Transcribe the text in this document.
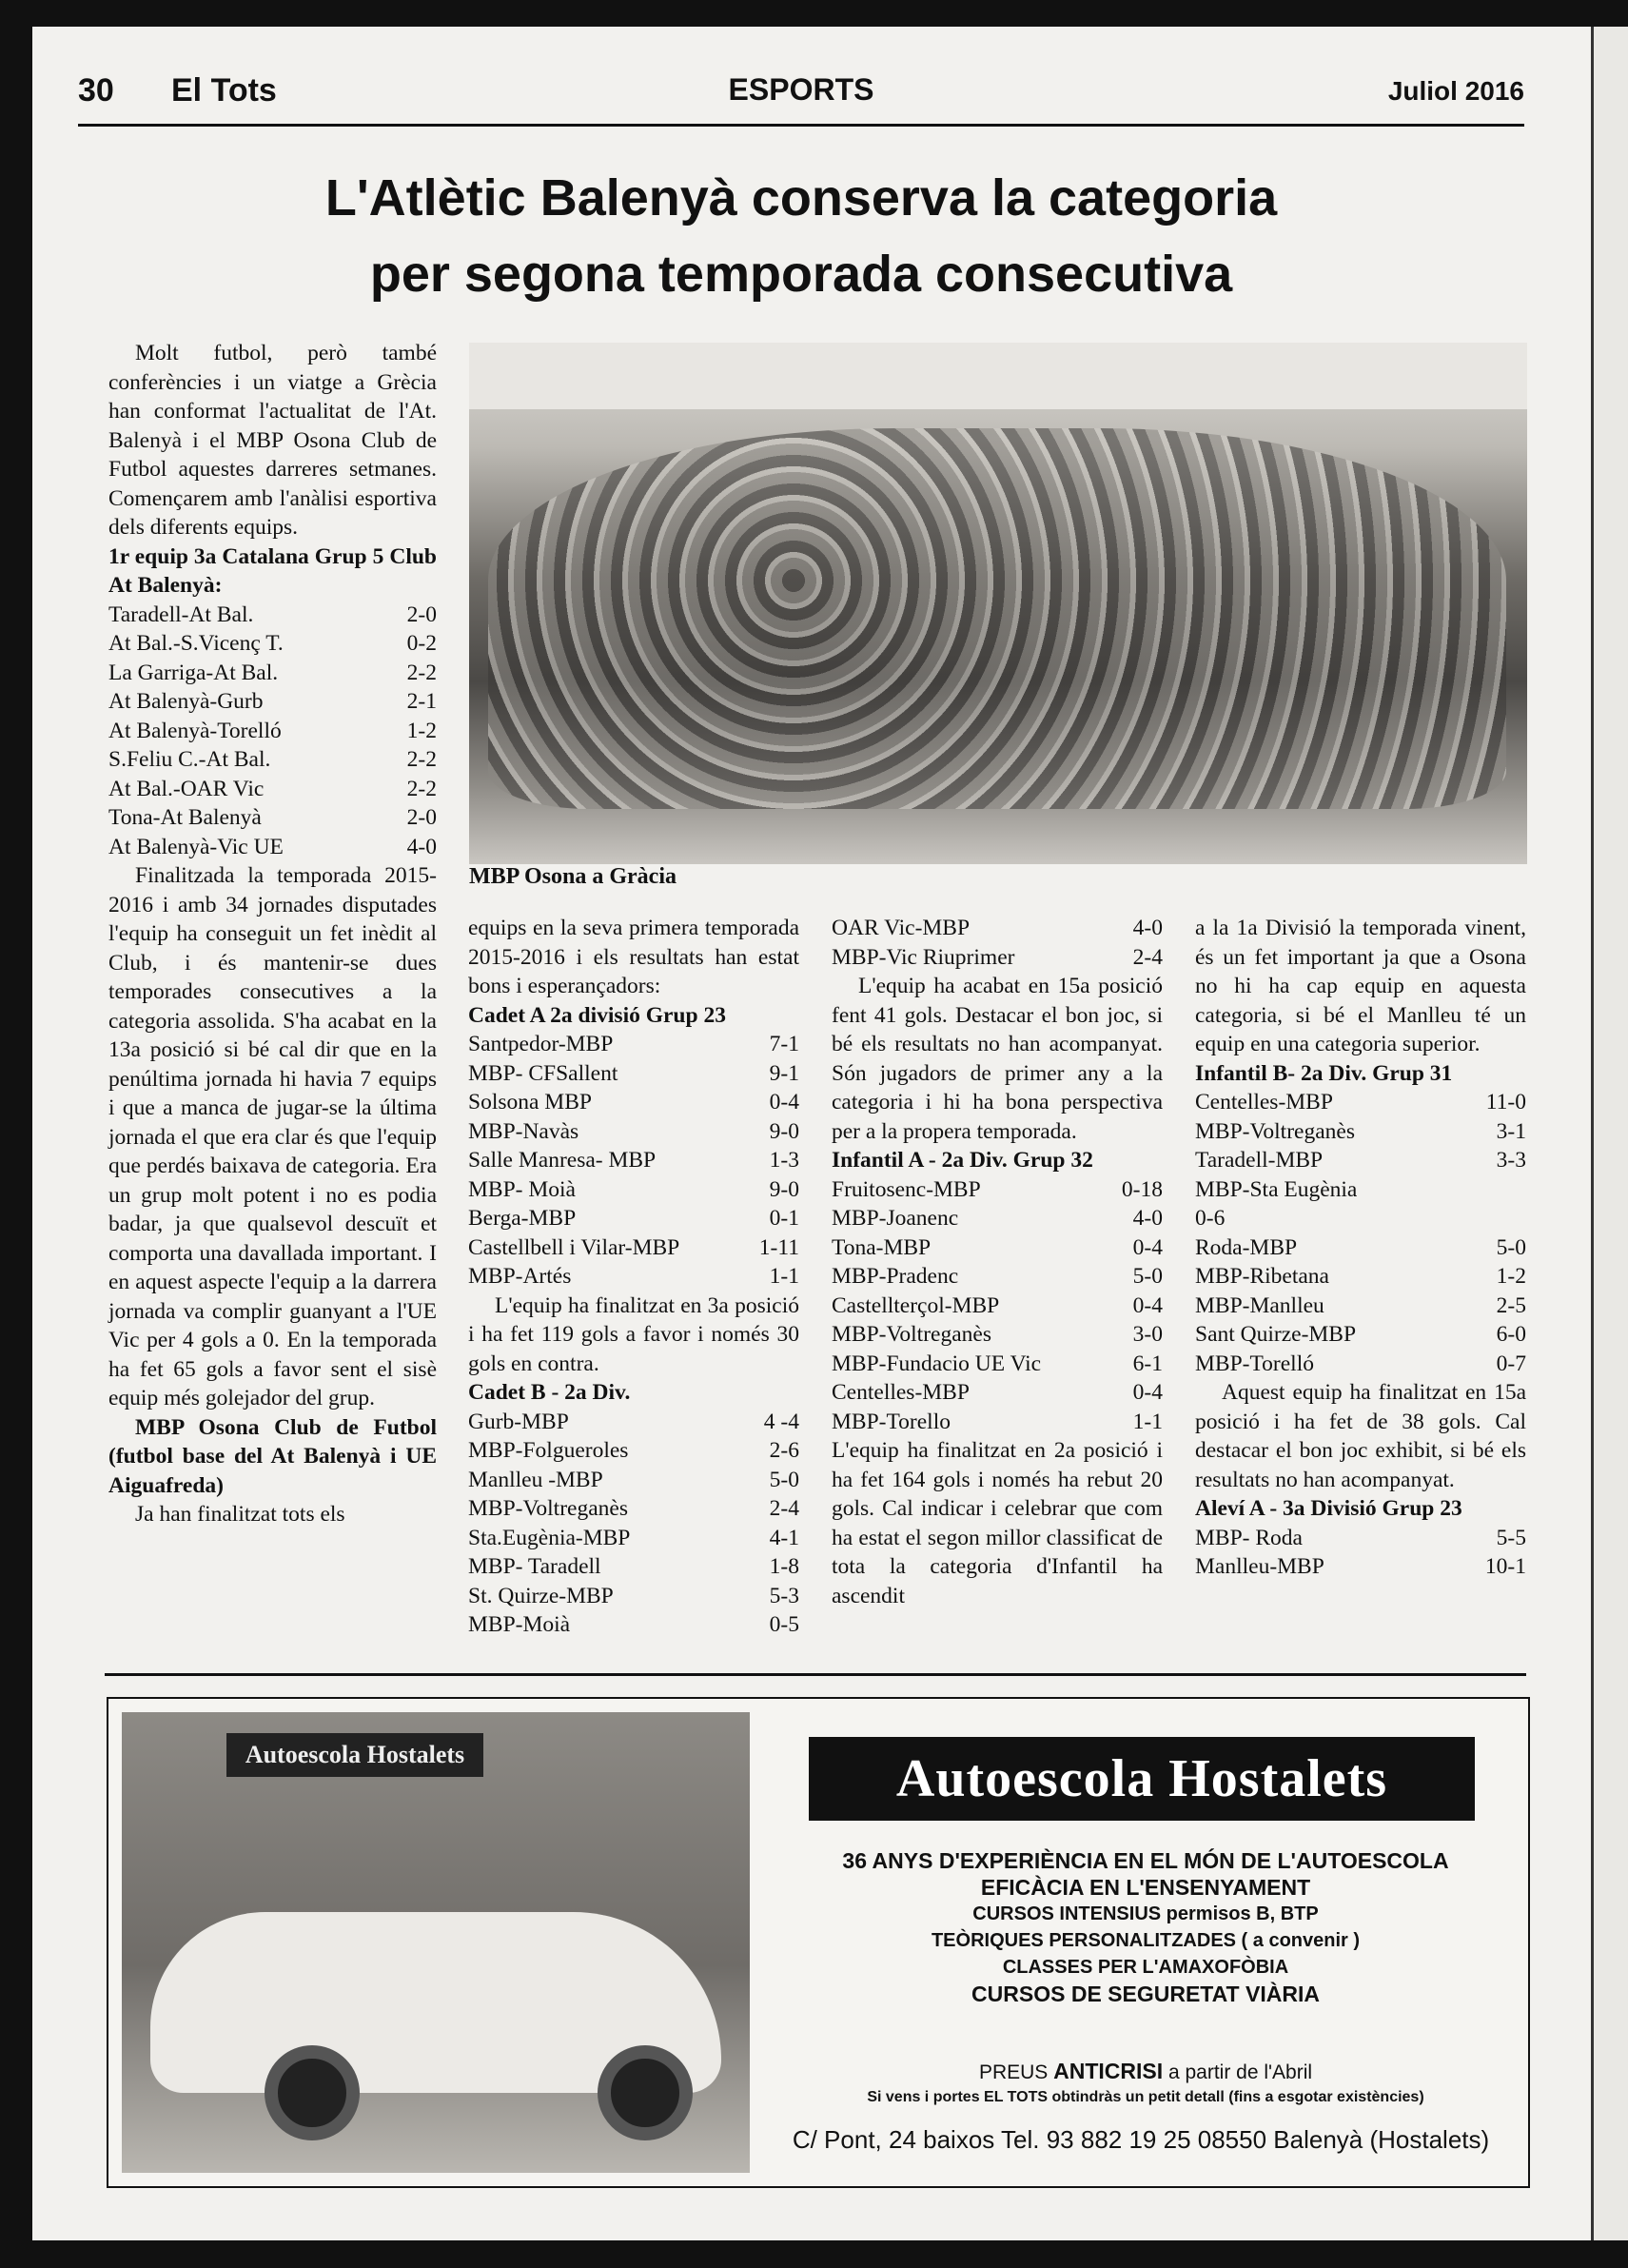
30 El Tots	ESPORTS	Juliol 2016
L'Atlètic Balenyà conserva la categoria
per segona temporada consecutiva
MBP Osona a Gràcia

Molt futbol, però també conferències i un viatge a Grècia han conformat l'actualitat de l'At. Balenyà i el MBP Osona Club de Futbol aquestes darreres setmanes. Començarem amb l'anàlisi esportiva dels diferents equips.

1r equip 3a Catalana Grup 5 Club At Balenyà:

Taradell-At Bal.	2-0
At Bal.-S.Vicenç T.	0-2
La Garriga-At Bal.	2-2
At Balenyà-Gurb	2-1
At Balenyà-Torelló	1-2
S.Feliu C.-At Bal.	2-2
At Bal.-OAR Vic	2-2
Tona-At Balenyà	2-0
At Balenyà-Vic UE	4-0

Finalitzada la temporada 2015-2016 i amb 34 jornades disputades l'equip ha conseguit un fet inèdit al Club, i és mantenir-se dues temporades consecutives a la categoria assolida. S'ha acabat en la 13a posició si bé cal dir que en la penúltima jornada hi havia 7 equips i que a manca de jugar-se la última jornada el que era clar és que l'equip que perdés baixava de categoria. Era un grup molt potent i no es podia badar, ja que qualsevol descuït et comporta una davallada important. I en aquest aspecte l'equip a la darrera jornada va complir guanyant a l'UE Vic per 4 gols a 0. En la temporada ha fet 65 gols a favor sent el sisè equip més golejador del grup.

MBP Osona Club de Futbol (futbol base del At Balenyà i UE Aiguafreda)

Ja han finalitzat tots els

equips en la seva primera temporada 2015-2016 i els resultats han estat bons i esperançadors:

Cadet A 2a divisió Grup 23

Santpedor-MBP	7-1
MBP- CFSallent	9-1
Solsona MBP	0-4
MBP-Navàs	9-0
Salle Manresa- MBP	1-3
MBP- Moià	9-0
Berga-MBP	0-1
Castellbell i Vilar-MBP	1-11
MBP-Artés	1-1

L'equip ha finalitzat en 3a posició i ha fet 119 gols a favor i només 30 gols en contra.

Cadet B - 2a Div.

Gurb-MBP	4 -4
MBP-Folgueroles	2-6
Manlleu -MBP	5-0
MBP-Voltreganès	2-4
Sta.Eugènia-MBP	4-1
MBP- Taradell	1-8
St. Quirze-MBP	5-3
MBP-Moià	0-5
OAR Vic-MBP	4-0
MBP-Vic Riuprimer	2-4

L'equip ha acabat en 15a posició fent 41 gols. Destacar el bon joc, si bé els resultats no han acompanyat. Són jugadors de primer any a la categoria i hi ha bona perspectiva per a la propera temporada.

Infantil A - 2a Div. Grup 32

Fruitosenc-MBP	0-18
MBP-Joanenc	4-0
Tona-MBP	0-4
MBP-Pradenc	5-0
Castellterçol-MBP	0-4
MBP-Voltreganès	3-0
MBP-Fundacio UE Vic	6-1
Centelles-MBP	0-4
MBP-Torello	1-1

L'equip ha finalitzat en 2a posició i ha fet 164 gols i només ha rebut 20 gols. Cal indicar i celebrar que com ha estat el segon millor classificat de tota la categoria d'Infantil ha ascendit

a la 1a Divisió la temporada vinent, és un fet important ja que a Osona no hi ha cap equip en aquesta categoria, si bé el Manlleu té un equip en una categoria superior.

Infantil B- 2a Div. Grup 31

Centelles-MBP	11-0
MBP-Voltreganès	3-1
Taradell-MBP	3-3
MBP-Sta Eugènia
0-6
Roda-MBP	5-0
MBP-Ribetana	1-2
MBP-Manlleu	2-5
Sant Quirze-MBP	6-0
MBP-Torelló	0-7

Aquest equip ha finalitzat en 15a posició i ha fet de 38 gols. Cal destacar el bon joc exhibit, si bé els resultats no han acompanyat.

Aleví A - 3a Divisió Grup 23

MBP- Roda	5-5
Manlleu-MBP	10-1
Autoescola Hostalets	Autoescola Hostalets
36 ANYS D'EXPERIÈNCIA EN EL MÓN DE L'AUTOESCOLA
EFICÀCIA EN L'ENSENYAMENT
CURSOS INTENSIUS permisos B, BTP
TEÒRIQUES PERSONALITZADES ( a convenir )
CLASSES PER L'AMAXOFÒBIA
CURSOS DE SEGURETAT VIÀRIA
PREUS ANTICRISI a partir de l'Abril
Si vens i portes EL TOTS obtindràs un petit detall (fins a esgotar existències)
C/ Pont, 24 baixos Tel. 93 882 19 25 08550 Balenyà (Hostalets)
